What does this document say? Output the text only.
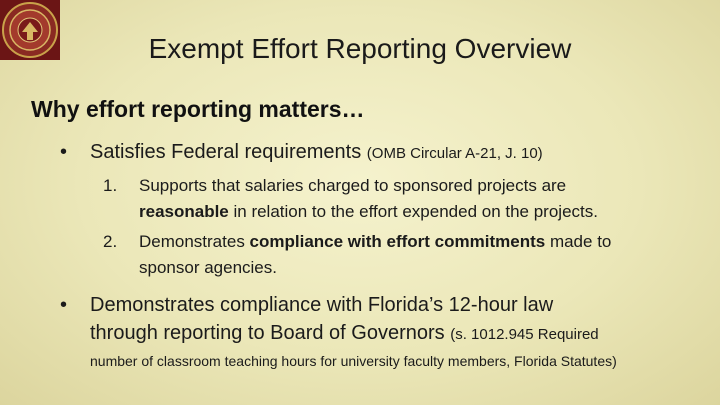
Exempt Effort Reporting Overview
Why effort reporting matters…
•	Satisfies Federal requirements (OMB Circular A-21, J. 10)
1.	Supports that salaries charged to sponsored projects are
reasonable in relation to the effort expended on the projects.
2.	Demonstrates compliance with effort commitments made to
sponsor agencies.
•	Demonstrates compliance with Florida’s 12-hour law
through reporting to Board of Governors (s. 1012.945 Required
number of classroom teaching hours for university faculty members, Florida Statutes)
